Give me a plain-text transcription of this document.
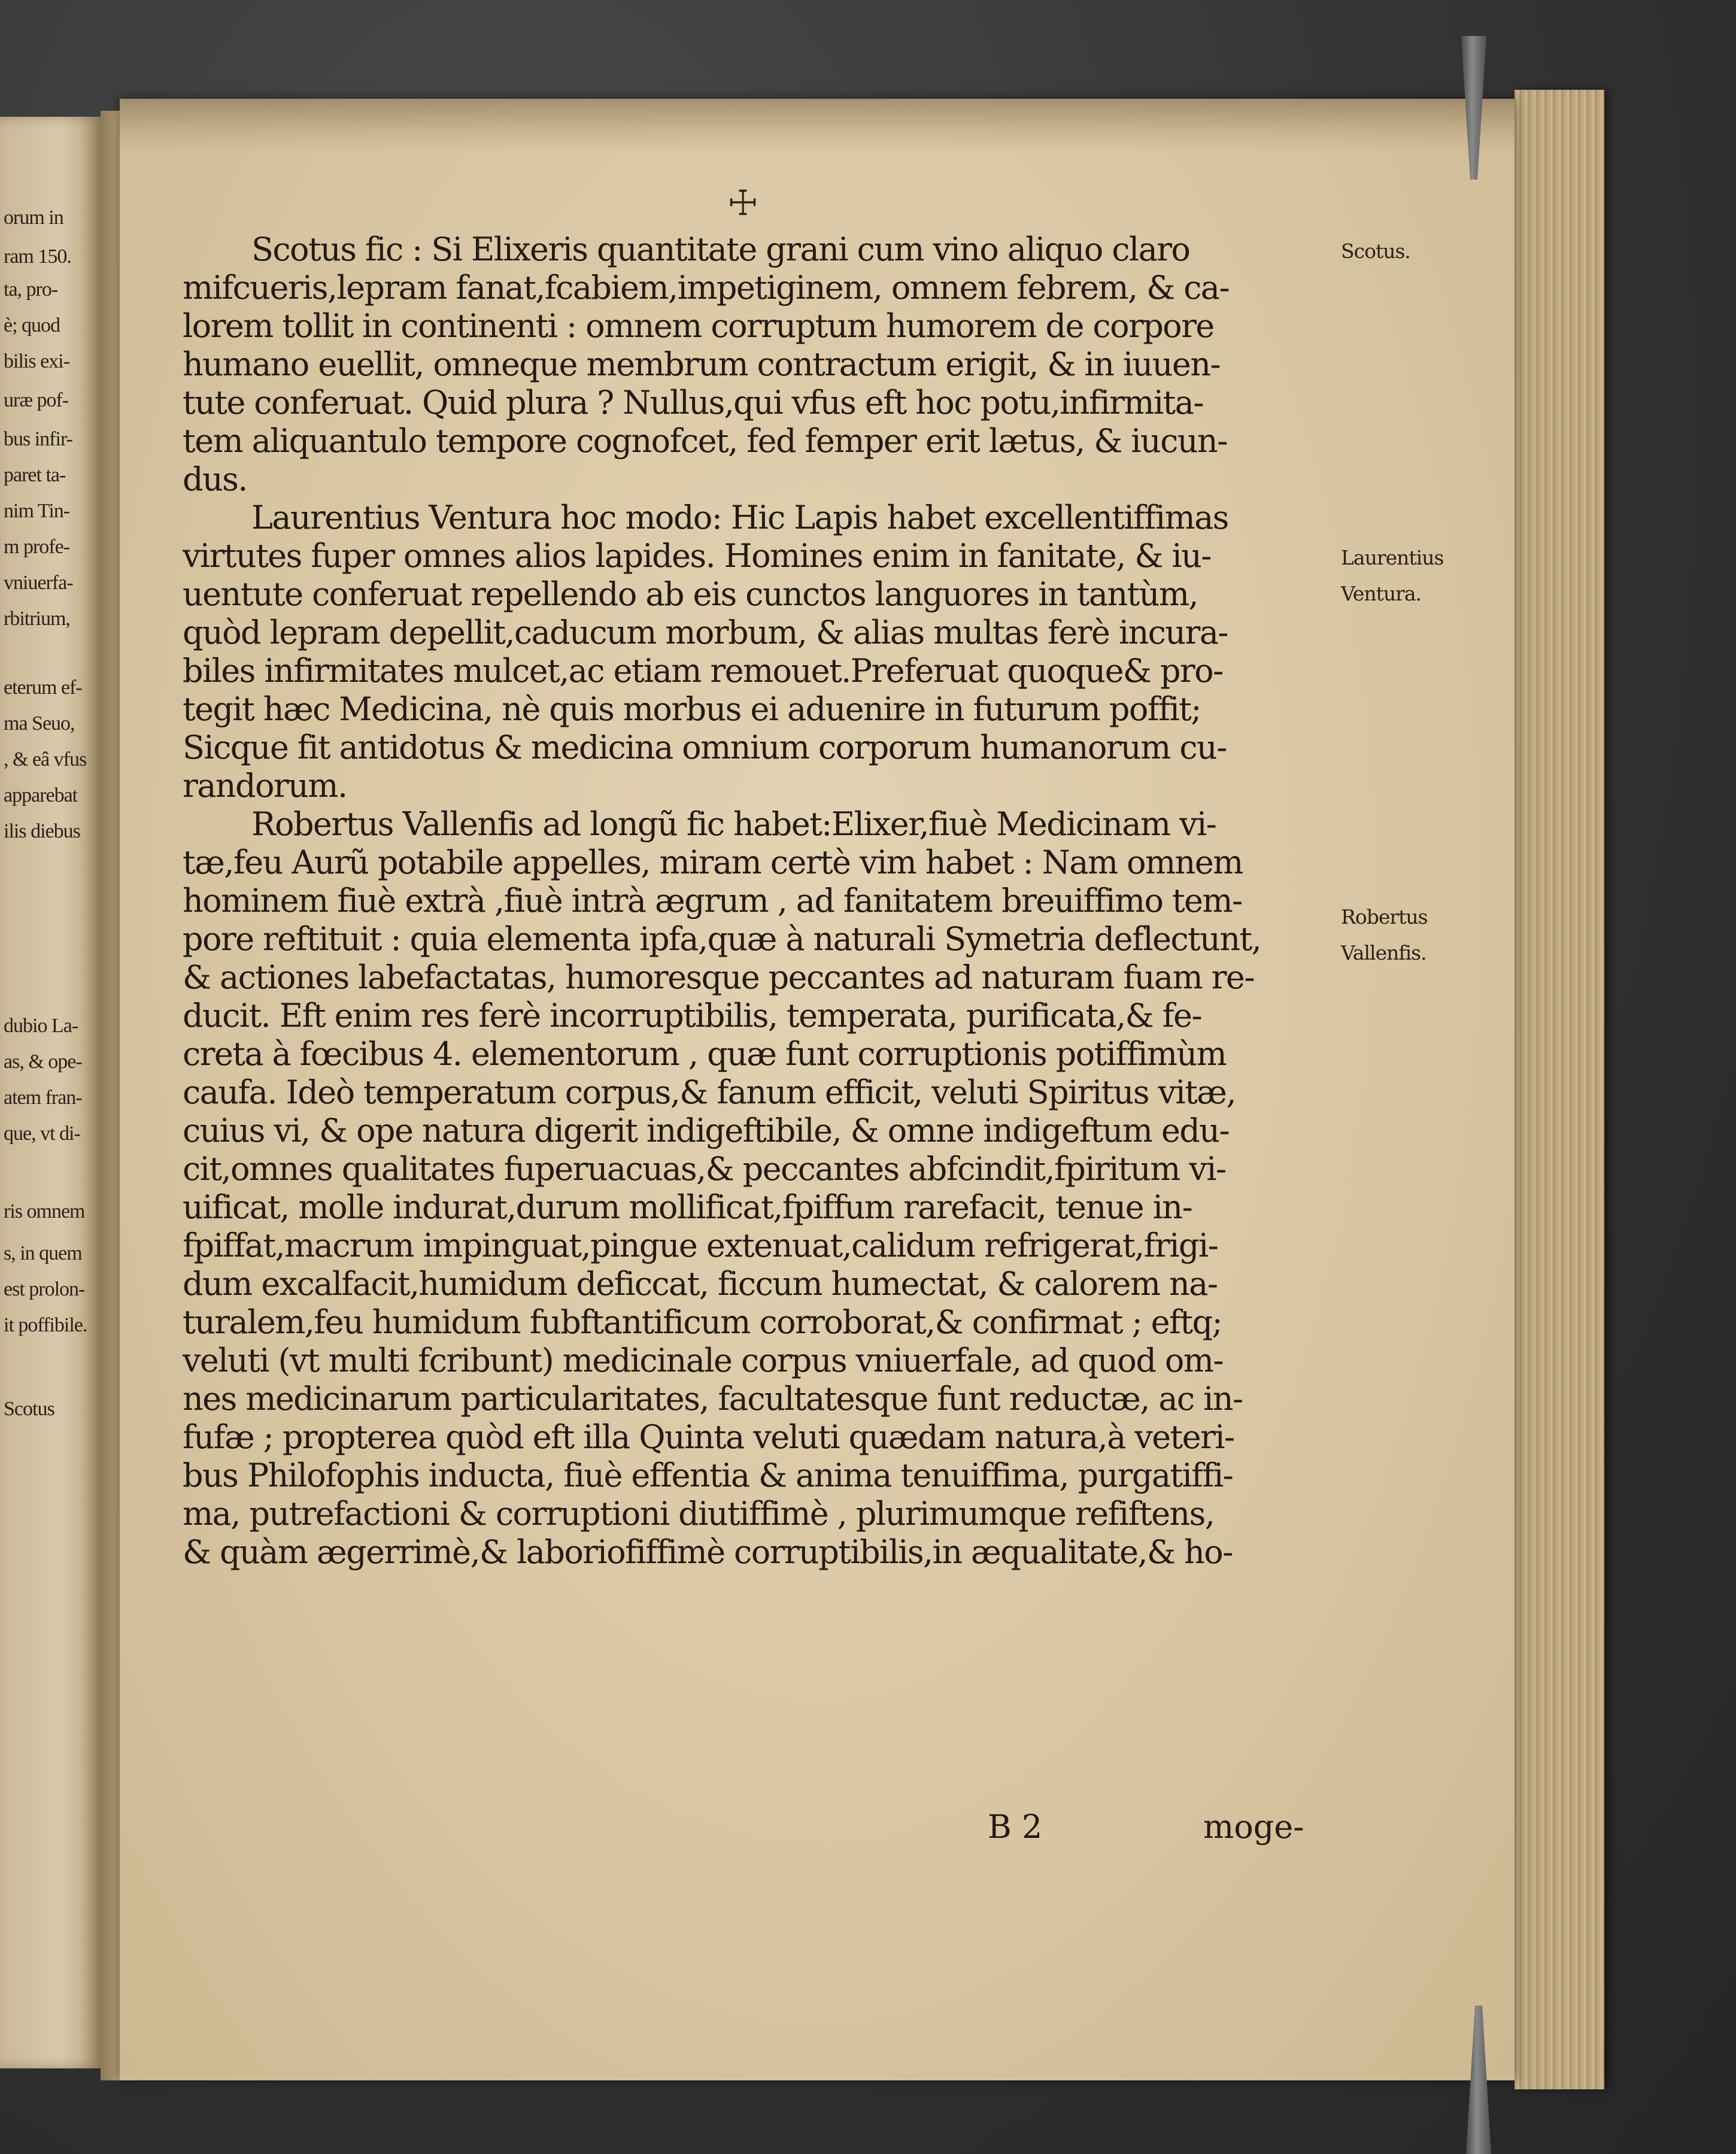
orum in
ram 150.
ta, pro-
è; quod
bilis exi-
uræ pof-
bus infir-
paret ta-
nim Tin-
m profe-
vniuerfa-
rbitrium,
eterum ef-
ma Seuo,
, & eâ vfus
apparebat
ilis diebus
dubio La-
as, & ope-
atem fran-
que, vt di-
ris omnem
s, in quem
est prolon-
it poffibile.
Scotus
☩
Scotus fic : Si Elixeris quantitate grani cum vino aliquo claro
mifcueris,lepram fanat,fcabiem,impetiginem, omnem febrem, & ca-
lorem tollit in continenti : omnem corruptum humorem de corpore
humano euellit, omneque membrum contractum erigit, & in iuuen-
tute conferuat. Quid plura ? Nullus,qui vfus eft hoc potu,infirmita-
tem aliquantulo tempore cognofcet, fed femper erit lætus, & iucun-
dus.
Laurentius Ventura hoc modo: Hic Lapis habet excellentiffimas
virtutes fuper omnes alios lapides. Homines enim in fanitate, & iu-
uentute conferuat repellendo ab eis cunctos languores in tantùm,
quòd lepram depellit,caducum morbum, & alias multas ferè incura-
biles infirmitates mulcet,ac etiam remouet.Preferuat quoque& pro-
tegit hæc Medicina, nè quis morbus ei aduenire in futurum poffit;
Sicque fit antidotus & medicina omnium corporum humanorum cu-
randorum.
Robertus Vallenfis ad longũ fic habet:Elixer,fiuè Medicinam vi-
tæ,feu Aurũ potabile appelles, miram certè vim habet : Nam omnem
hominem fiuè extrà ,fiuè intrà ægrum , ad fanitatem breuiffimo tem-
pore reftituit : quia elementa ipfa,quæ à naturali Symetria deflectunt,
& actiones labefactatas, humoresque peccantes ad naturam fuam re-
ducit. Eft enim res ferè incorruptibilis, temperata, purificata,& fe-
creta à fœcibus 4. elementorum , quæ funt corruptionis potiffimùm
caufa. Ideò temperatum corpus,& fanum efficit, veluti Spiritus vitæ,
cuius vi, & ope natura digerit indigeftibile, & omne indigeftum edu-
cit,omnes qualitates fuperuacuas,& peccantes abfcindit,fpiritum vi-
uificat, molle indurat,durum mollificat,fpiffum rarefacit, tenue in-
fpiffat,macrum impinguat,pingue extenuat,calidum refrigerat,frigi-
dum excalfacit,humidum deficcat, ficcum humectat, & calorem na-
turalem,feu humidum fubftantificum corroborat,& confirmat ; eftq;
veluti (vt multi fcribunt) medicinale corpus vniuerfale, ad quod om-
nes medicinarum particularitates, facultatesque funt reductæ, ac in-
fufæ ; propterea quòd eft illa Quinta veluti quædam natura,à veteri-
bus Philofophis inducta, fiuè effentia & anima tenuiffima, purgatiffi-
ma, putrefactioni & corruptioni diutiffimè , plurimumque refiftens,
& quàm ægerrimè,& laboriofiffimè corruptibilis,in æqualitate,& ho-
Scotus.
Laurentius
Ventura.
Robertus
Vallenfis.
B 2	moge-
